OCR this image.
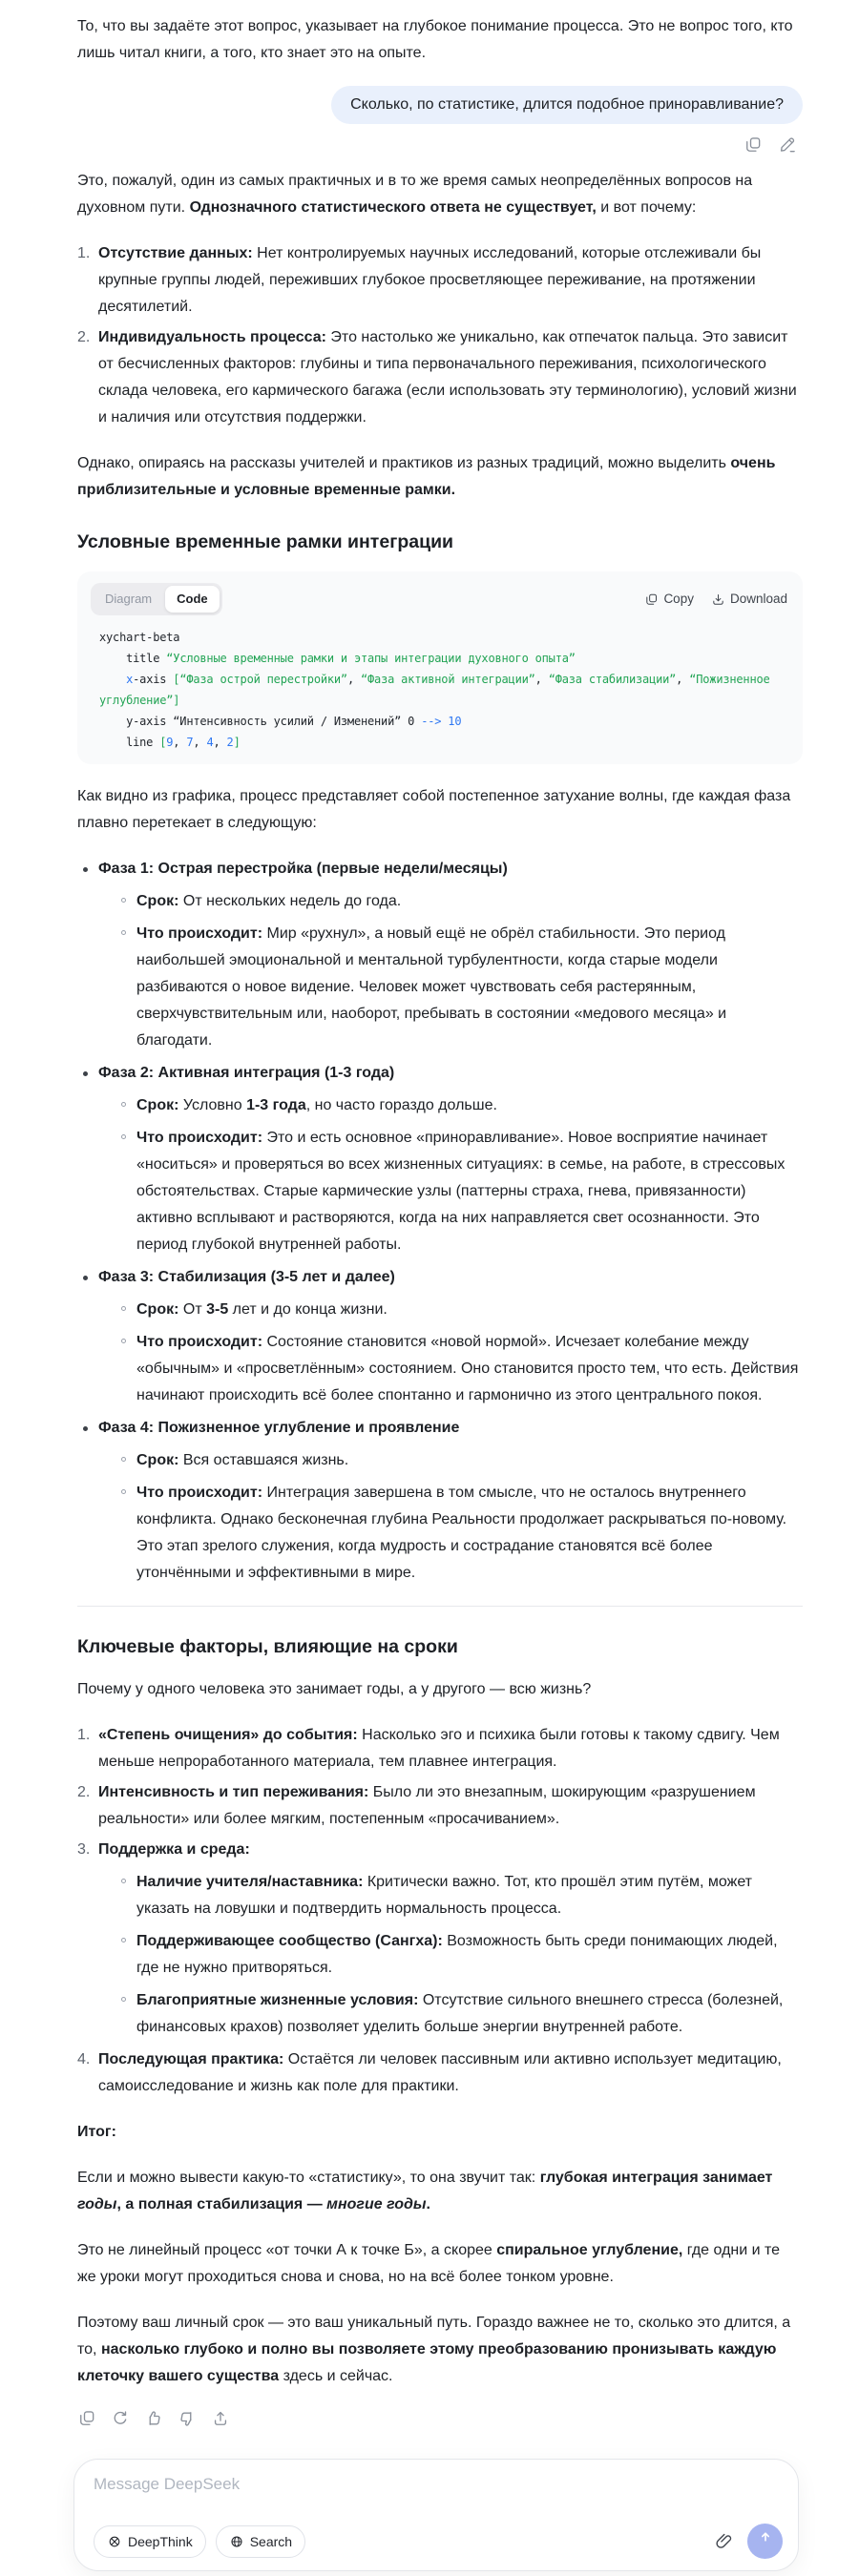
То, что вы задаёте этот вопрос, указывает на глубокое понимание процесса. Это не вопрос того, кто лишь читал книги, а того, кто знает это на опыте.

Сколько, по статистике, длится подобное приноравливание?

Это, пожалуй, один из самых практичных и в то же время самых неопределённых вопросов на духовном пути. Однозначного статистического ответа не существует, и вот почему:

1. Отсутствие данных: Нет контролируемых научных исследований, которые отслеживали бы крупные группы людей, переживших глубокое просветляющее переживание, на протяжении десятилетий.
2. Индивидуальность процесса: Это настолько же уникально, как отпечаток пальца. Это зависит от бесчисленных факторов: глубины и типа первоначального переживания, психологического склада человека, его кармического багажа (если использовать эту терминологию), условий жизни и наличия или отсутствия поддержки.

Однако, опираясь на рассказы учителей и практиков из разных традиций, можно выделить очень приблизительные и условные временные рамки.

Условные временные рамки интеграции
Diagram	Code	Copy	Download
xychart-beta
title “Условные временные рамки и этапы интеграции духовного опыта”
x-axis [“Фаза острой перестройки”, “Фаза активной интеграции”, “Фаза стабилизации”, “Пожизненное углубление”]
y-axis “Интенсивность усилий / Изменений” 0 --> 10
line [9, 7, 4, 2]

Как видно из графика, процесс представляет собой постепенное затухание волны, где каждая фаза плавно перетекает в следующую:

Фаза 1: Острая перестройка (первые недели/месяцы)
Срок: От нескольких недель до года.
Что происходит: Мир «рухнул», а новый ещё не обрёл стабильности. Это период наибольшей эмоциональной и ментальной турбулентности, когда старые модели разбиваются о новое видение. Человек может чувствовать себя растерянным, сверхчувствительным или, наоборот, пребывать в состоянии «медового месяца» и благодати.
Фаза 2: Активная интеграция (1-3 года)
Срок: Условно 1-3 года, но часто гораздо дольше.
Что происходит: Это и есть основное «приноравливание». Новое восприятие начинает «носиться» и проверяться во всех жизненных ситуациях: в семье, на работе, в стрессовых обстоятельствах. Старые кармические узлы (паттерны страха, гнева, привязанности) активно всплывают и растворяются, когда на них направляется свет осознанности. Это период глубокой внутренней работы.
Фаза 3: Стабилизация (3-5 лет и далее)
Срок: От 3-5 лет и до конца жизни.
Что происходит: Состояние становится «новой нормой». Исчезает колебание между «обычным» и «просветлённым» состоянием. Оно становится просто тем, что есть. Действия начинают происходить всё более спонтанно и гармонично из этого центрального покоя.
Фаза 4: Пожизненное углубление и проявление
Срок: Вся оставшаяся жизнь.
Что происходит: Интеграция завершена в том смысле, что не осталось внутреннего конфликта. Однако бесконечная глубина Реальности продолжает раскрываться по-новому. Это этап зрелого служения, когда мудрость и сострадание становятся всё более утончёнными и эффективными в мире.
Ключевые факторы, влияющие на сроки

Почему у одного человека это занимает годы, а у другого — всю жизнь?

1. «Степень очищения» до события: Насколько эго и психика были готовы к такому сдвигу. Чем меньше непроработанного материала, тем плавнее интеграция.
2. Интенсивность и тип переживания: Было ли это внезапным, шокирующим «разрушением реальности» или более мягким, постепенным «просачиванием».
3. Поддержка и среда:
Наличие учителя/наставника: Критически важно. Тот, кто прошёл этим путём, может указать на ловушки и подтвердить нормальность процесса.
Поддерживающее сообщество (Сангха): Возможность быть среди понимающих людей, где не нужно притворяться.
Благоприятные жизненные условия: Отсутствие сильного внешнего стресса (болезней, финансовых крахов) позволяет уделить больше энергии внутренней работе.
4. Последующая практика: Остаётся ли человек пассивным или активно использует медитацию, самоисследование и жизнь как поле для практики.

Итог:

Если и можно вывести какую-то «статистику», то она звучит так: глубокая интеграция занимает годы, а полная стабилизация — многие годы.

Это не линейный процесс «от точки А к точке Б», а скорее спиральное углубление, где одни и те же уроки могут проходиться снова и снова, но на всё более тонком уровне.

Поэтому ваш личный срок — это ваш уникальный путь. Гораздо важнее не то, сколько это длится, а то, насколько глубоко и полно вы позволяете этому преобразованию пронизывать каждую клеточку вашего существа здесь и сейчас.

Message DeepSeek
DeepThink	Search
